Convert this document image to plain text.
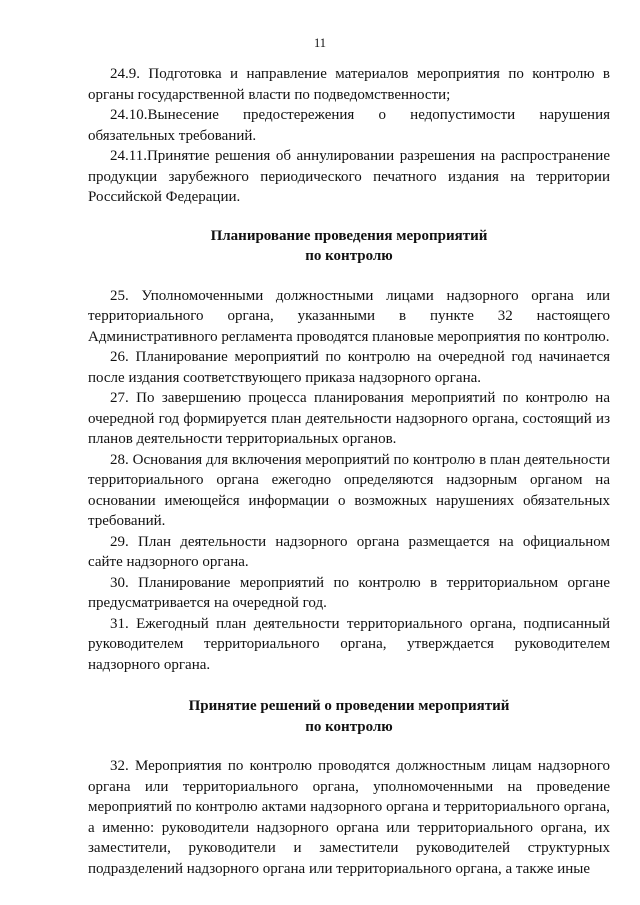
11

24.9. Подготовка и направление материалов мероприятия по контролю в органы государственной власти по подведомственности;

24.10.Вынесение предостережения о недопустимости нарушения обязательных требований.

24.11.Принятие решения об аннулировании разрешения на распространение продукции зарубежного периодического печатного издания на территории Российской Федерации.

Планирование проведения мероприятий
по контролю

25. Уполномоченными должностными лицами надзорного органа или территориального органа, указанными в пункте 32 настоящего Административного регламента проводятся плановые мероприятия по контролю.

26. Планирование мероприятий по контролю на очередной год начинается после издания соответствующего приказа надзорного органа.

27. По завершению процесса планирования мероприятий по контролю на очередной год формируется план деятельности надзорного органа, состоящий из планов деятельности территориальных органов.

28. Основания для включения мероприятий по контролю в план деятельности территориального органа ежегодно определяются надзорным органом на основании имеющейся информации о возможных нарушениях обязательных требований.

29. План деятельности надзорного органа размещается на официальном сайте надзорного органа.

30. Планирование мероприятий по контролю в территориальном органе предусматривается на очередной год.

31. Ежегодный план деятельности территориального органа, подписанный руководителем территориального органа, утверждается руководителем надзорного органа.

Принятие решений о проведении мероприятий
по контролю

32. Мероприятия по контролю проводятся должностным лицам надзорного органа или территориального органа, уполномоченными на проведение мероприятий по контролю актами надзорного органа и территориального органа, а именно: руководители надзорного органа или территориального органа, их заместители, руководители и заместители руководителей структурных подразделений надзорного органа или территориального органа, а также иные
